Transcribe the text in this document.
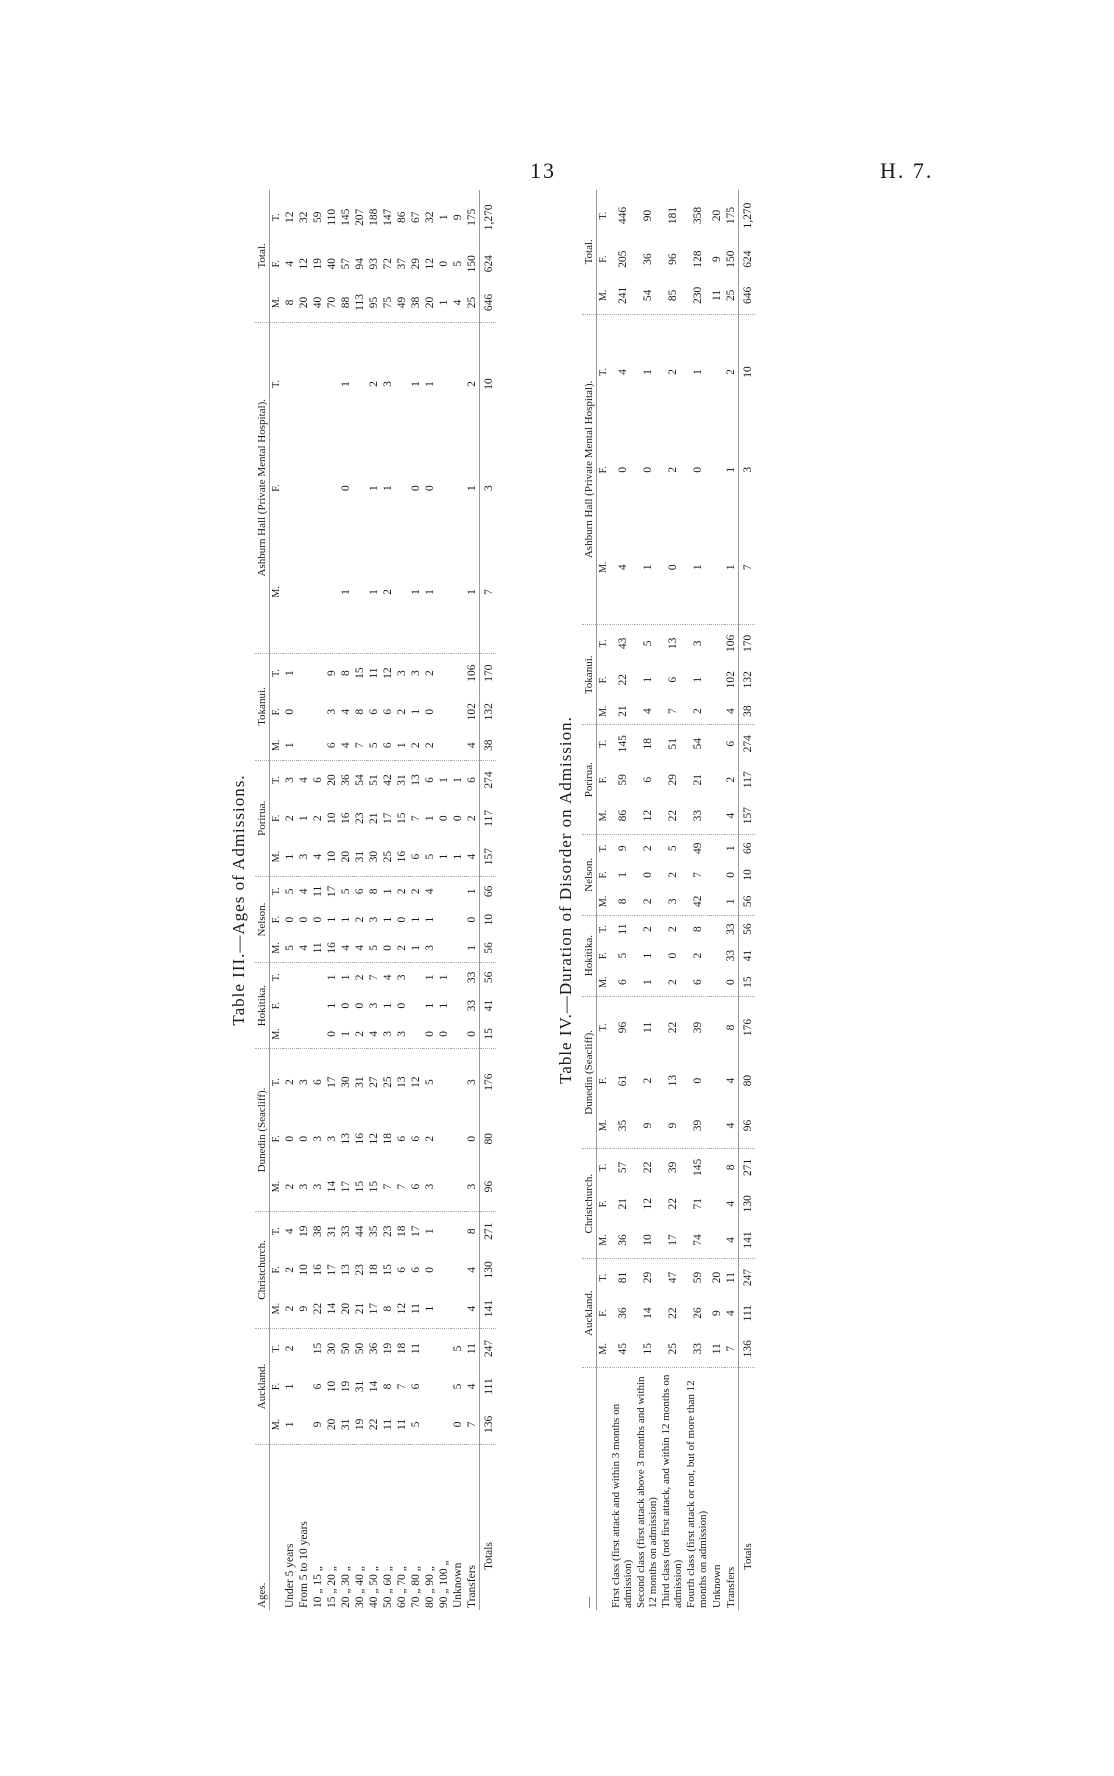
13	H. 7.
Table III.—Ages of Admissions.
Ages.	Auckland.			Christchurch.			Dunedin (Seacliff).			Hokitika.			Nelson.			Porirua.			Tokanui.			Ashburn Hall (Private Mental Hospital).			Total.		
	M.	F.	T.	M.	F.	T.	M.	F.	T.	M.	F.	T.	M.	F.	T.	M.	F.	T.	M.	F.	T.	M.	F.	T.	M.	F.	T.
Under 5 years	1	1	2	2	2	4	2	0	2				5	0	5	1	2	3	1	0	1				8	4	12
From 5 to 10 years				9	10	19	3	0	3				4	0	4	3	1	4							20	12	32
10 „ 15 „	9	6	15	22	16	38	3	3	6				11	0	11	4	2	6							40	19	59
15 „ 20 „	20	10	30	14	17	31	14	3	17	0	1	1	16	1	17	10	10	20	6	3	9				70	40	110
20 „ 30 „	31	19	50	20	13	33	17	13	30	1	0	1	4	1	5	20	16	36	4	4	8	1	0	1	88	57	145
30 „ 40 „	19	31	50	21	23	44	15	16	31	2	0	2	4	2	6	31	23	54	7	8	15				113	94	207
40 „ 50 „	22	14	36	17	18	35	15	12	27	4	3	7	5	3	8	30	21	51	5	6	11	1	1	2	95	93	188
50 „ 60 „	11	8	19	8	15	23	7	18	25	3	1	4	0	1	1	25	17	42	6	6	12	2	1	3	75	72	147
60 „ 70 „	11	7	18	12	6	18	7	6	13	3	0	3	2	0	2	16	15	31	1	2	3				49	37	86
70 „ 80 „	5	6	11	11	6	17	6	6	12				1	1	2	6	7	13	2	1	3	1	0	1	38	29	67
80 „ 90 „				1	0	1	3	2	5	0	1	1	3	1	4	5	1	6	2	0	2	1	0	1	20	12	32
90 „ 100 „										0	1	1				1	0	1							1	0	1
Unknown	0	5	5													1	0	1							4	5	9
Transfers	7	4	11	4	4	8	3	0	3	0	33	33	1	0	1	4	2	6	4	102	106	1	1	2	25	150	175
Totals	136	111	247	141	130	271	96	80	176	15	41	56	56	10	66	157	117	274	38	132	170	7	3	10	646	624	1,270
Table IV.—Duration of Disorder on Admission.
—	Auckland.			Christchurch.			Dunedin (Seacliff).			Hokitika.			Nelson.			Porirua.			Tokanui.			Ashburn Hall (Private Mental Hospital).			Total.		
	M.	F.	T.	M.	F.	T.	M.	F.	T.	M.	F.	T.	M.	F.	T.	M.	F.	T.	M.	F.	T.	M.	F.	T.	M.	F.	T.
First class (first attack and within 3 months on admission)	45	36	81	36	21	57	35	61	96	6	5	11	8	1	9	86	59	145	21	22	43	4	0	4	241	205	446
Second class (first attack above 3 months and within 12 months on admission)	15	14	29	10	12	22	9	2	11	1	1	2	2	0	2	12	6	18	4	1	5	1	0	1	54	36	90
Third class (not first attack, and within 12 months on admission)	25	22	47	17	22	39	9	13	22	2	0	2	3	2	5	22	29	51	7	6	13	0	2	2	85	96	181
Fourth class (first attack or not, but of more than 12 months on admission)	33	26	59	74	71	145	39	0	39	6	2	8	42	7	49	33	21	54	2	1	3	1	0	1	230	128	358
Unknown	11	9	20																						11	9	20
Transfers	7	4	11	4	4	8	4	4	8	0	33	33	1	0	1	4	2	6	4	102	106	1	1	2	25	150	175
Totals	136	111	247	141	130	271	96	80	176	15	41	56	56	10	66	157	117	274	38	132	170	7	3	10	646	624	1,270
